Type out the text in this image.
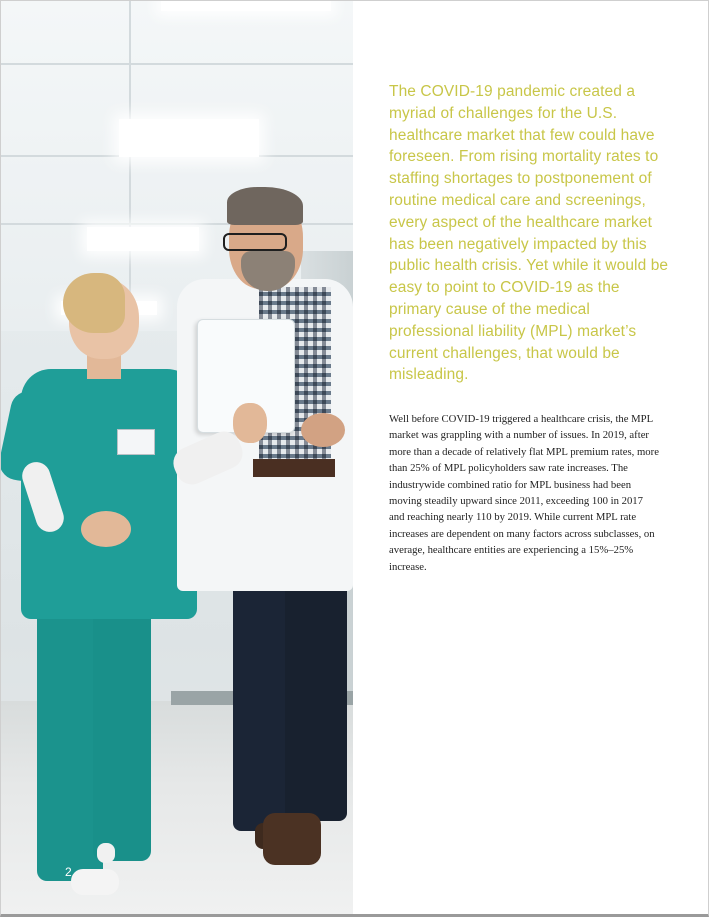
2

The COVID-19 pandemic created a myriad of challenges for the U.S. healthcare market that few could have foreseen. From rising mortality rates to staffing shortages to postponement of routine medical care and screenings, every aspect of the healthcare market has been negatively impacted by this public health crisis. Yet while it would be easy to point to COVID-19 as the primary cause of the medical professional liability (MPL) market’s current challenges, that would be misleading.

Well before COVID-19 triggered a healthcare crisis, the MPL market was grappling with a number of issues. In 2019, after more than a decade of relatively flat MPL premium rates, more than 25% of MPL policyholders saw rate increases. The industrywide combined ratio for MPL business had been moving steadily upward since 2011, exceeding 100 in 2017 and reaching nearly 110 by 2019. While current MPL rate increases are dependent on many factors across subclasses, on average, healthcare entities are experiencing a 15%–25% increase.
